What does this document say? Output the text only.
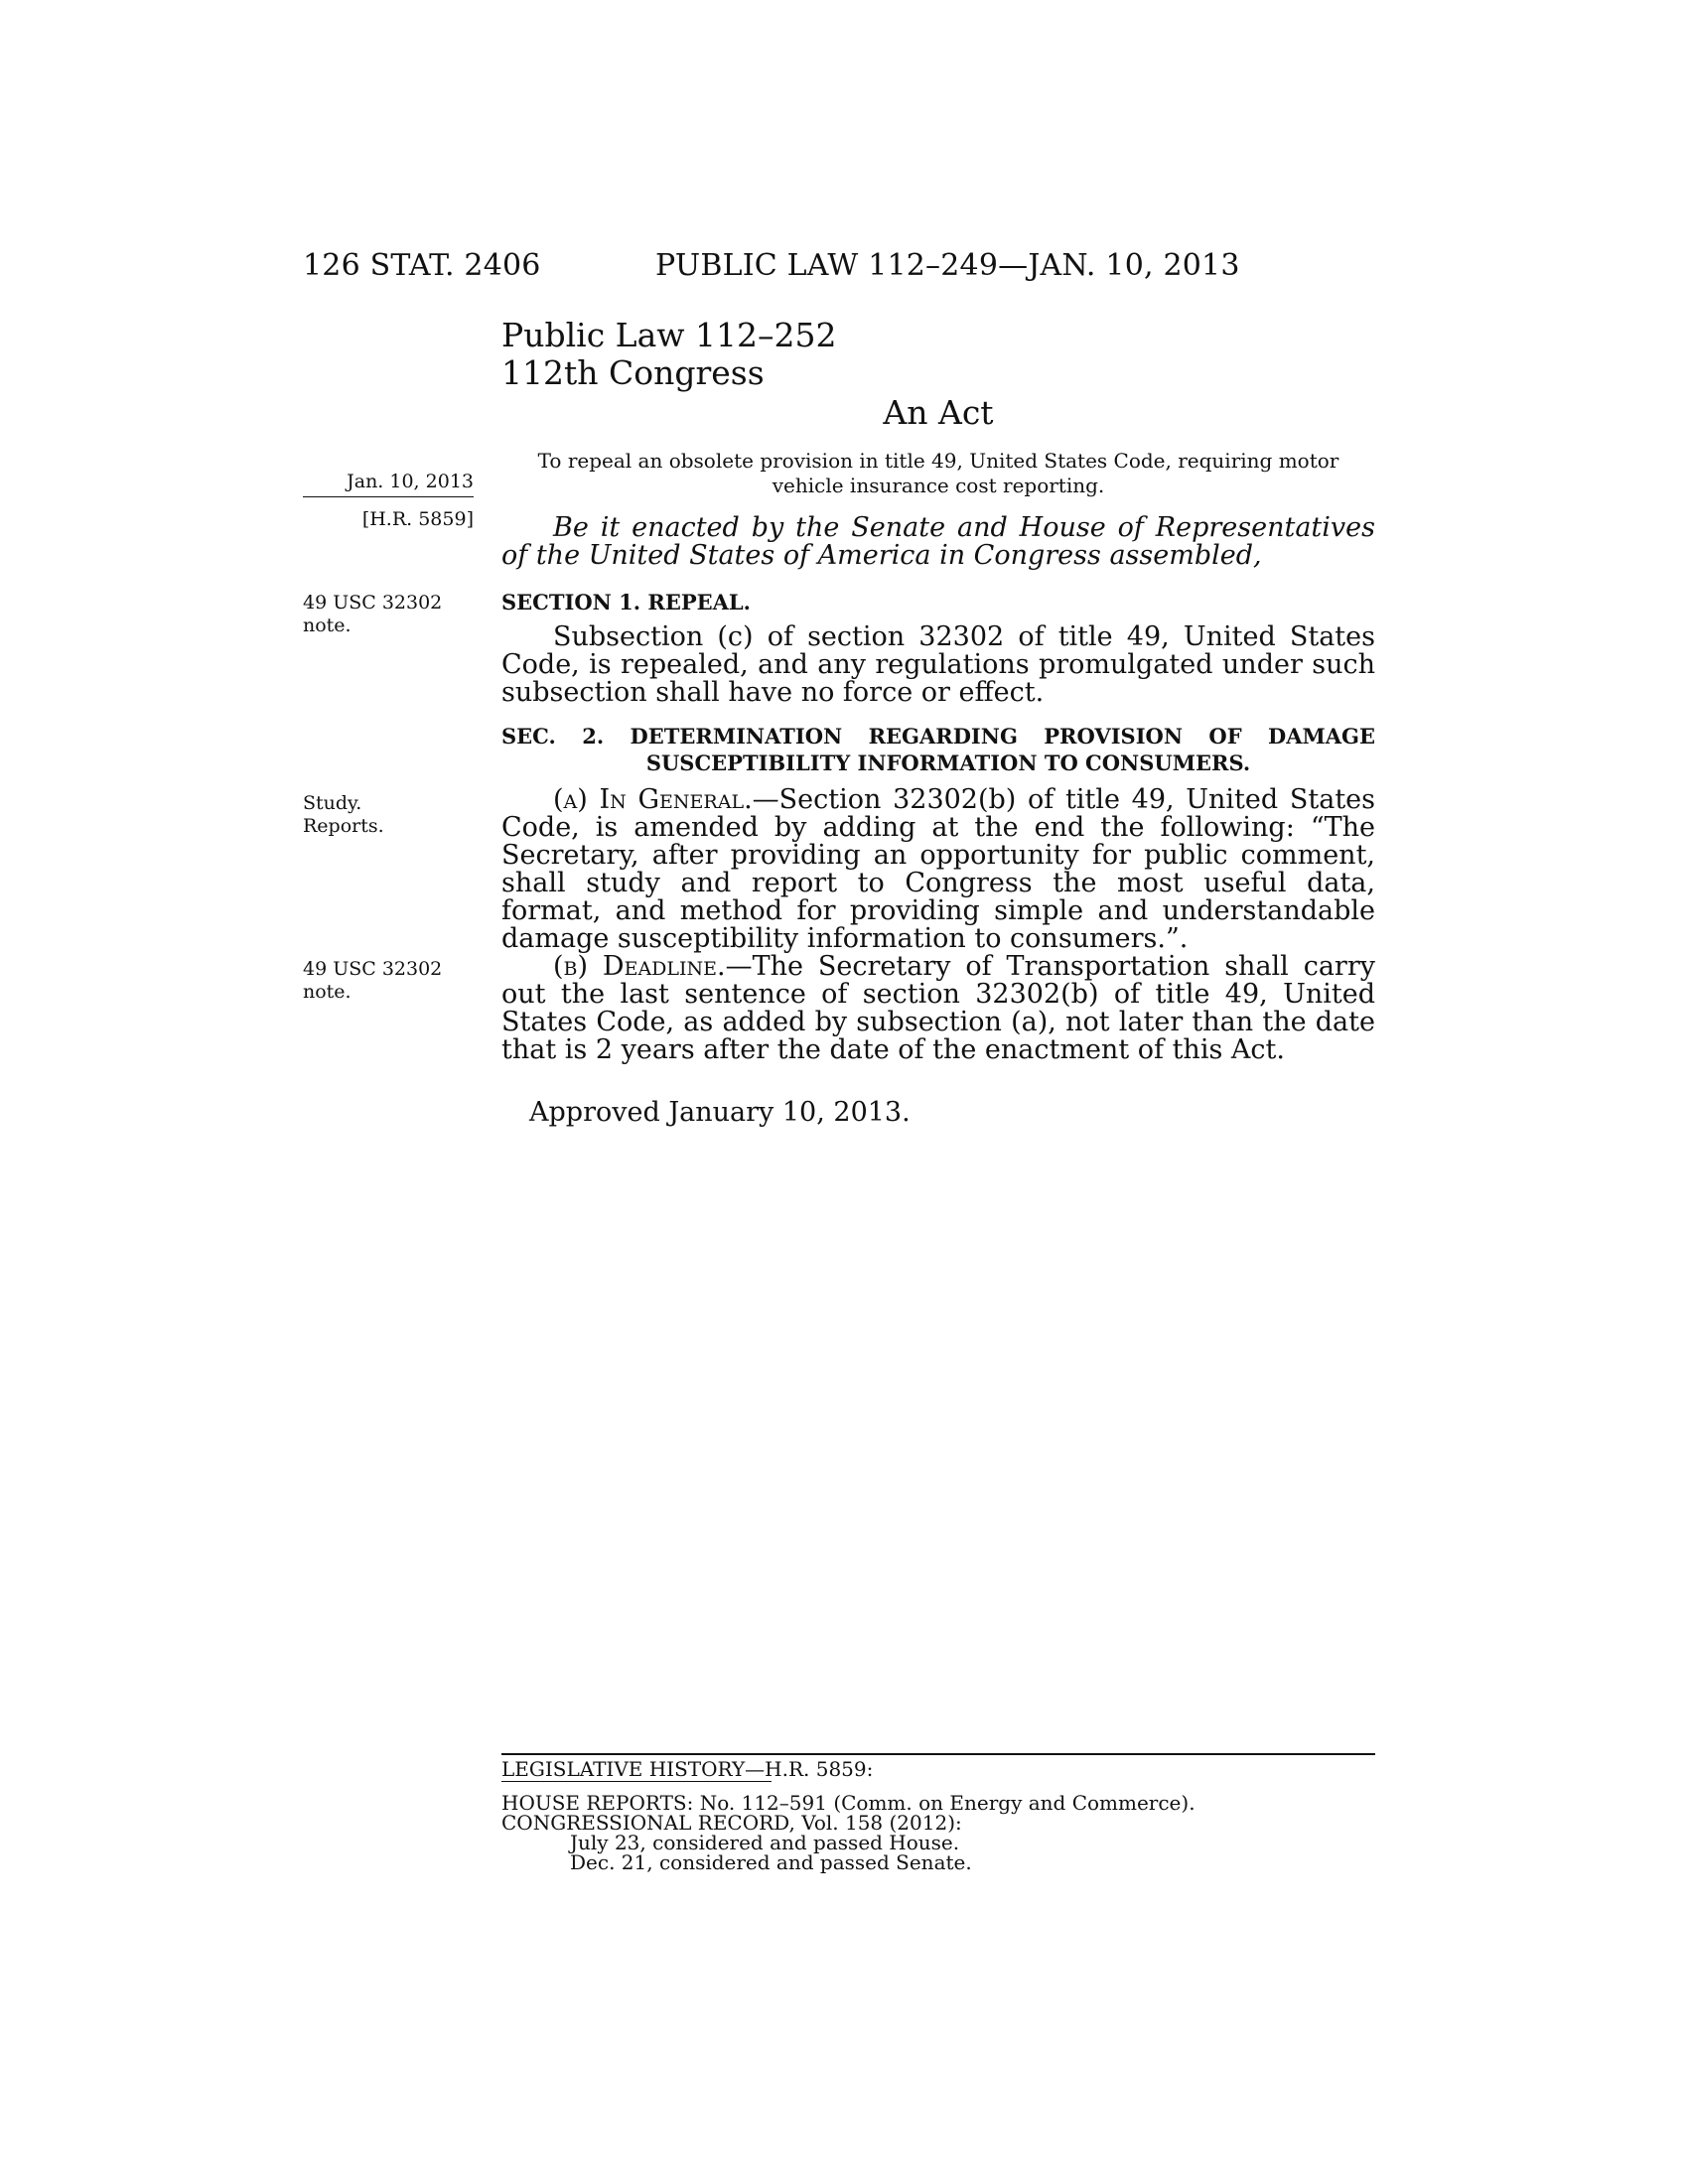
126 STAT. 2406	PUBLIC LAW 112–249—JAN. 10, 2013
Public Law 112–252
112th Congress
An Act
To repeal an obsolete provision in title 49, United States Code, requiring motor vehicle insurance cost reporting.
Jan. 10, 2013
[H.R. 5859]
49 USC 32302
note.
Study.
Reports.
49 USC 32302
note.
Be it enacted by the Senate and House of Representatives of the United States of America in Congress assembled,
SECTION 1. REPEAL.
Subsection (c) of section 32302 of title 49, United States Code, is repealed, and any regulations promulgated under such subsection shall have no force or effect.
SEC. 2. DETERMINATION REGARDING PROVISION OF DAMAGE
SUSCEPTIBILITY INFORMATION TO CONSUMERS.
(a) In General.—Section 32302(b) of title 49, United States Code, is amended by adding at the end the following: “The Secretary, after providing an opportunity for public comment, shall study and report to Congress the most useful data, format, and method for providing simple and understandable damage susceptibility information to consumers.”.
(b) Deadline.—The Secretary of Transportation shall carry out the last sentence of section 32302(b) of title 49, United States Code, as added by subsection (a), not later than the date that is 2 years after the date of the enactment of this Act.
Approved January 10, 2013.
LEGISLATIVE HISTORY—H.R. 5859:
HOUSE REPORTS: No. 112–591 (Comm. on Energy and Commerce).
CONGRESSIONAL RECORD, Vol. 158 (2012):
July 23, considered and passed House.
Dec. 21, considered and passed Senate.
